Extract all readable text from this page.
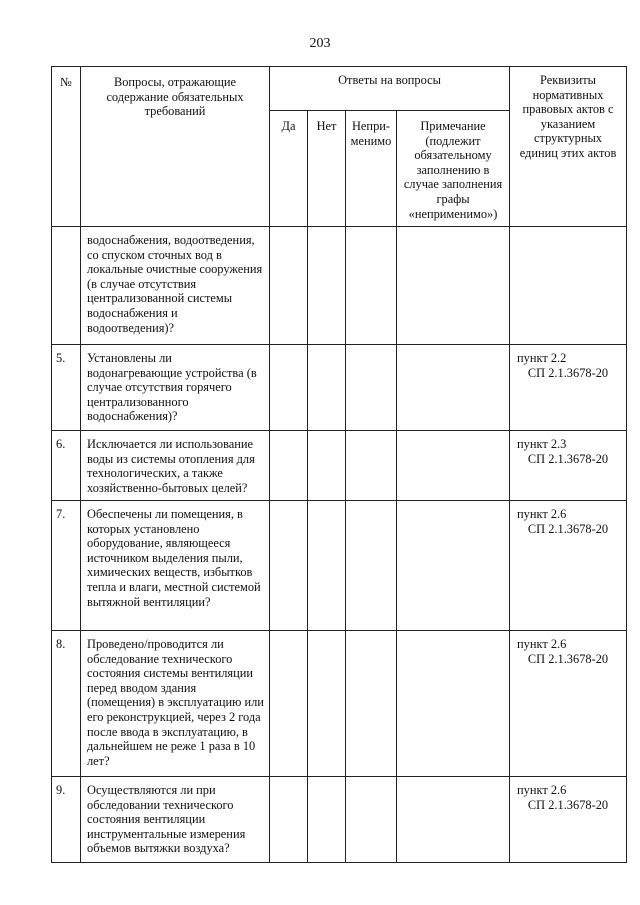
203
№	Вопросы, отражающие содержание обязательных требований	Ответы на вопросы				Реквизиты нормативных правовых актов с указанием структурных единиц этих актов
		Да	Нет	Непри-менимо	Примечание (подлежит обязательному заполнению в случае заполнения графы «неприменимо»)	
	водоснабжения, водоотведения, со спуском сточных вод в локальные очистные сооружения (в случае отсутствия централизованной системы водоснабжения и водоотведения)?					
5.	Установлены ли водонагревающие устройства (в случае отсутствия горячего централизованного водоснабжения)?					пункт 2.2
СП 2.1.3678-20

6.	Исключается ли использование воды из системы отопления для технологических, а также хозяйственно-бытовых целей?					пункт 2.3
СП 2.1.3678-20

7.	Обеспечены ли помещения, в которых установлено оборудование, являющееся источником выделения пыли, химических веществ, избытков тепла и влаги, местной системой вытяжной вентиляции?					пункт 2.6
СП 2.1.3678-20

8.	Проведено/проводится ли обследование технического состояния системы вентиляции перед вводом здания (помещения) в эксплуатацию или его реконструкцией, через 2 года после ввода в эксплуатацию, в дальнейшем не реже 1 раза в 10 лет?					пункт 2.6
СП 2.1.3678-20

9.	Осуществляются ли при обследовании технического состояния вентиляции инструментальные измерения объемов вытяжки воздуха?					пункт 2.6
СП 2.1.3678-20
